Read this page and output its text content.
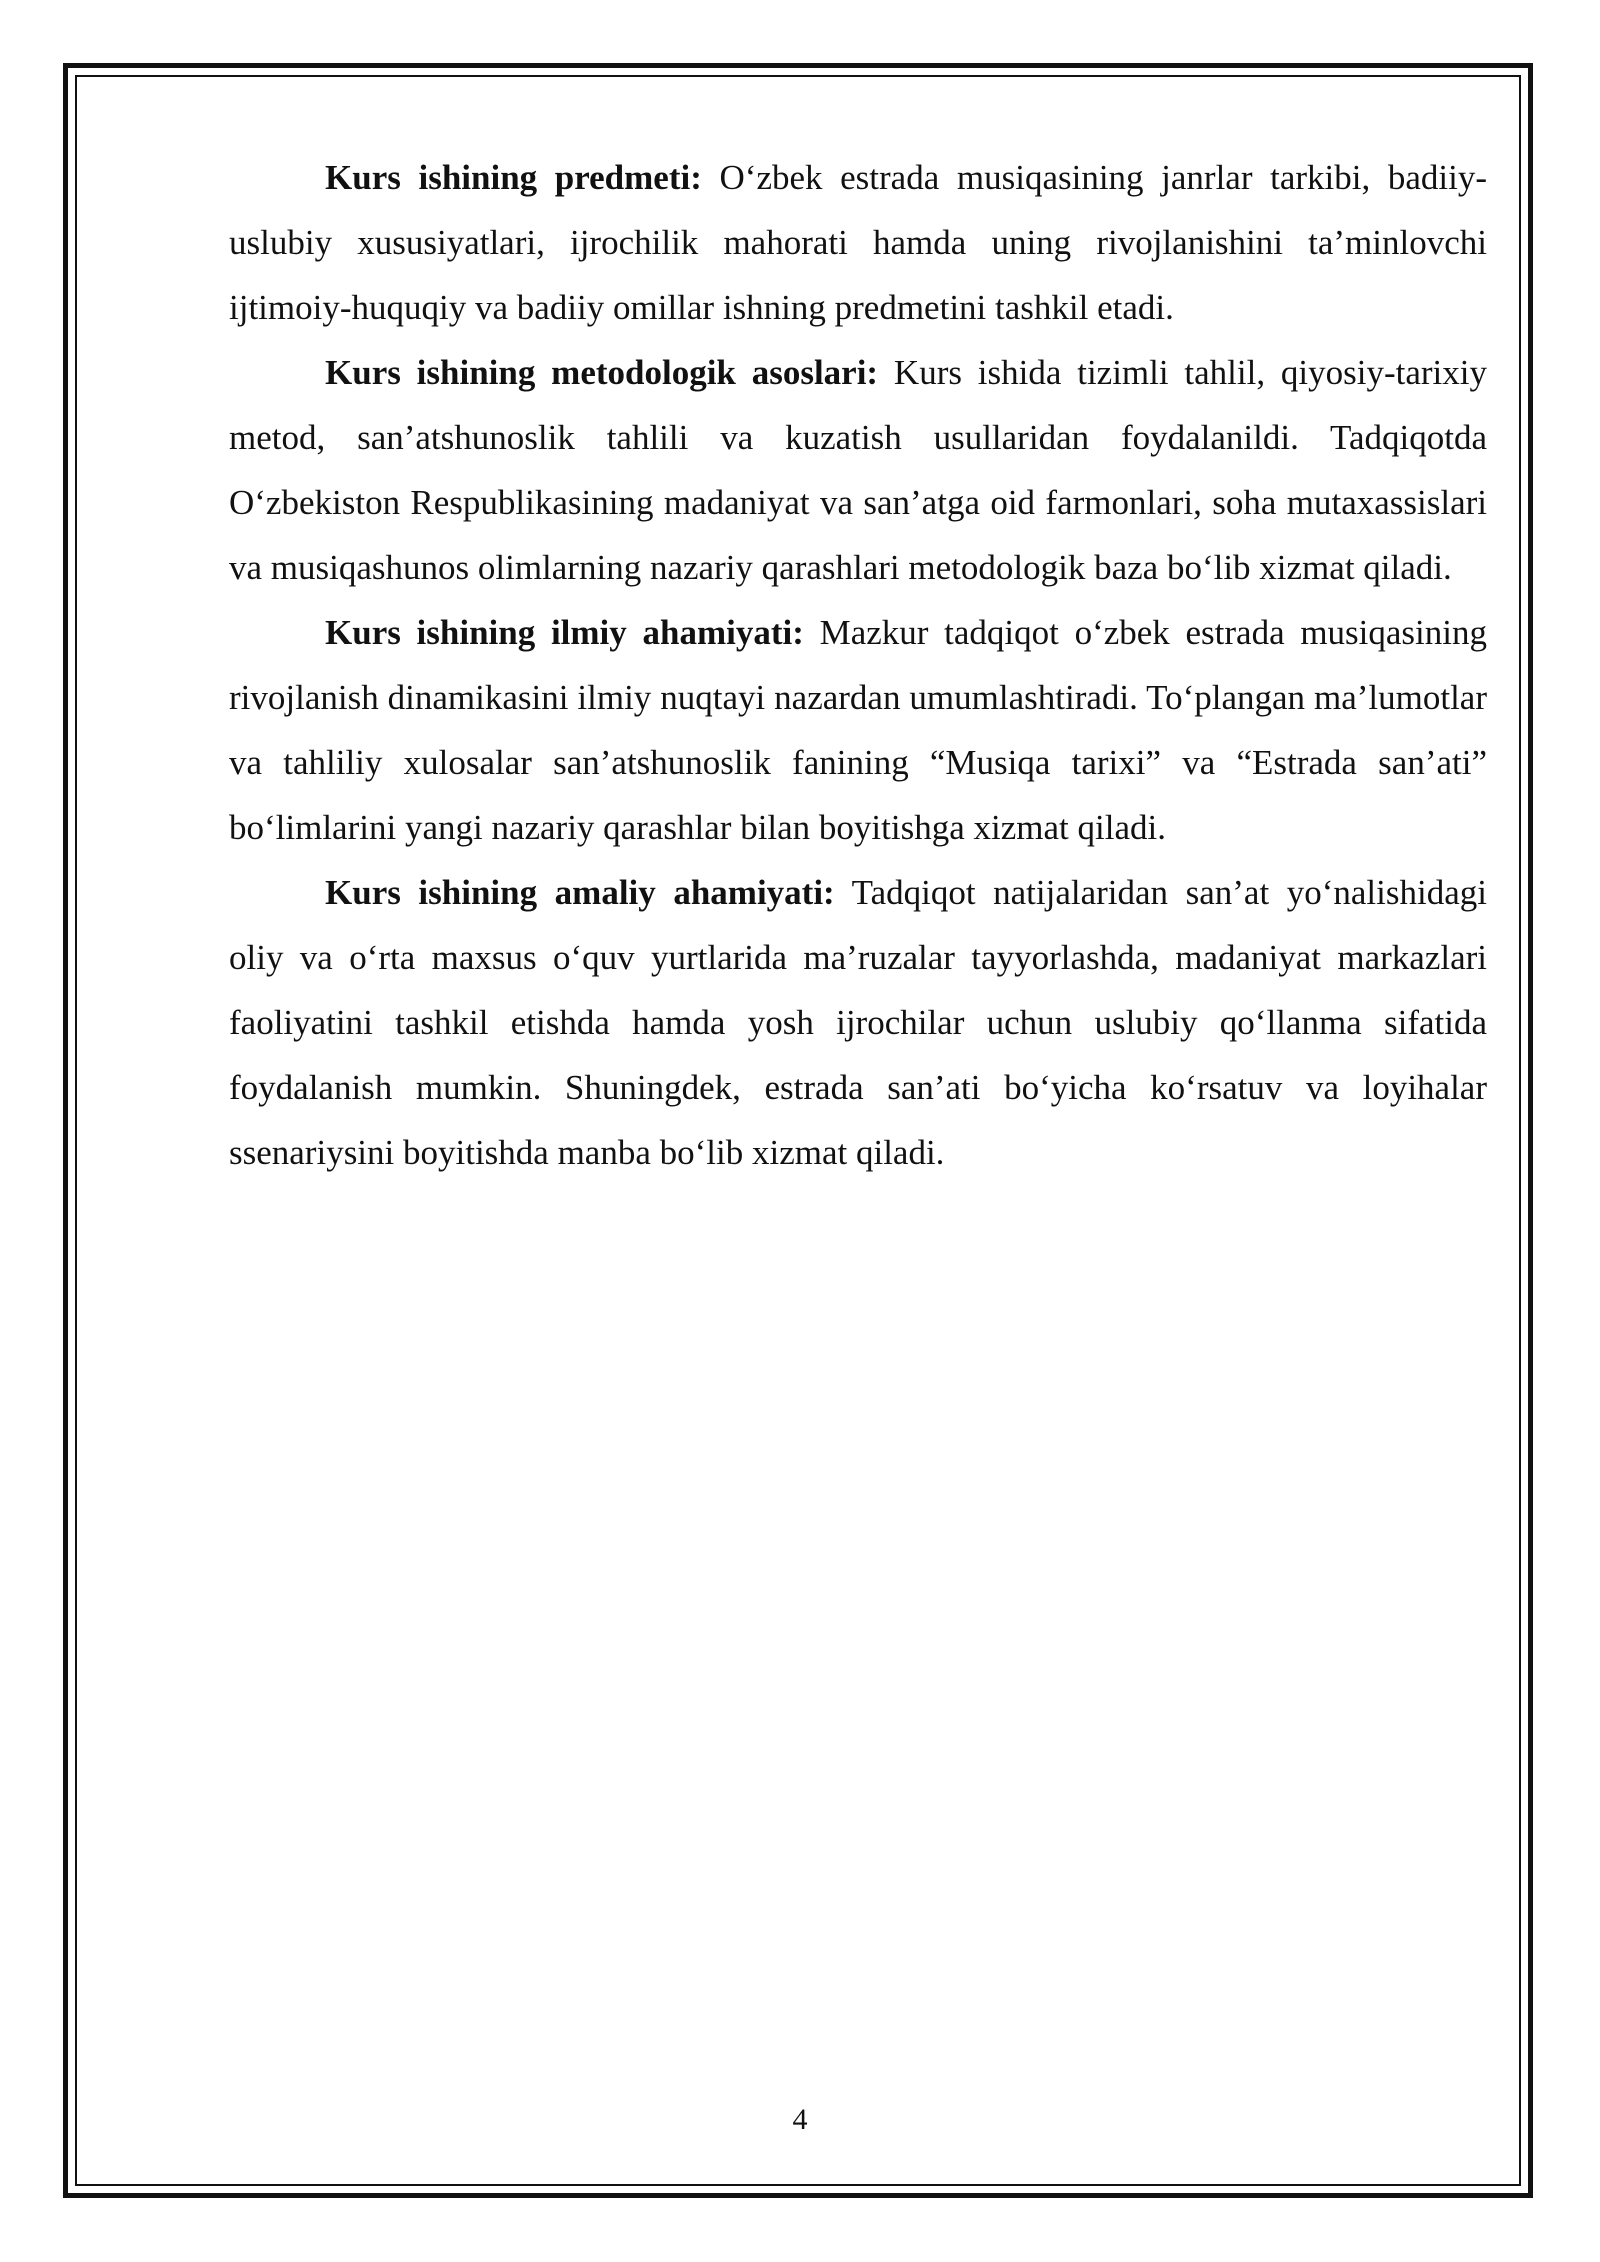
Kurs ishining predmeti: O‘zbek estrada musiqasining janrlar tarkibi, badiiy-uslubiy xususiyatlari, ijrochilik mahorati hamda uning rivojlanishini ta’minlovchi ijtimoiy-huquqiy va badiiy omillar ishning predmetini tashkil etadi.

Kurs ishining metodologik asoslari: Kurs ishida tizimli tahlil, qiyosiy-tarixiy metod, san’atshunoslik tahlili va kuzatish usullaridan foydalanildi. Tadqiqotda O‘zbekiston Respublikasining madaniyat va san’atga oid farmonlari, soha mutaxassislari va musiqashunos olimlarning nazariy qarashlari metodologik baza bo‘lib xizmat qiladi.

Kurs ishining ilmiy ahamiyati: Mazkur tadqiqot o‘zbek estrada musiqasining rivojlanish dinamikasini ilmiy nuqtayi nazardan umumlashtiradi. To‘plangan ma’lumotlar va tahliliy xulosalar san’atshunoslik fanining “Musiqa tarixi” va “Estrada san’ati” bo‘limlarini yangi nazariy qarashlar bilan boyitishga xizmat qiladi.

Kurs ishining amaliy ahamiyati: Tadqiqot natijalaridan san’at yo‘nalishidagi oliy va o‘rta maxsus o‘quv yurtlarida ma’ruzalar tayyorlashda, madaniyat markazlari faoliyatini tashkil etishda hamda yosh ijrochilar uchun uslubiy qo‘llanma sifatida foydalanish mumkin. Shuningdek, estrada san’ati bo‘yicha ko‘rsatuv va loyihalar ssenariysini boyitishda manba bo‘lib xizmat qiladi.

4
